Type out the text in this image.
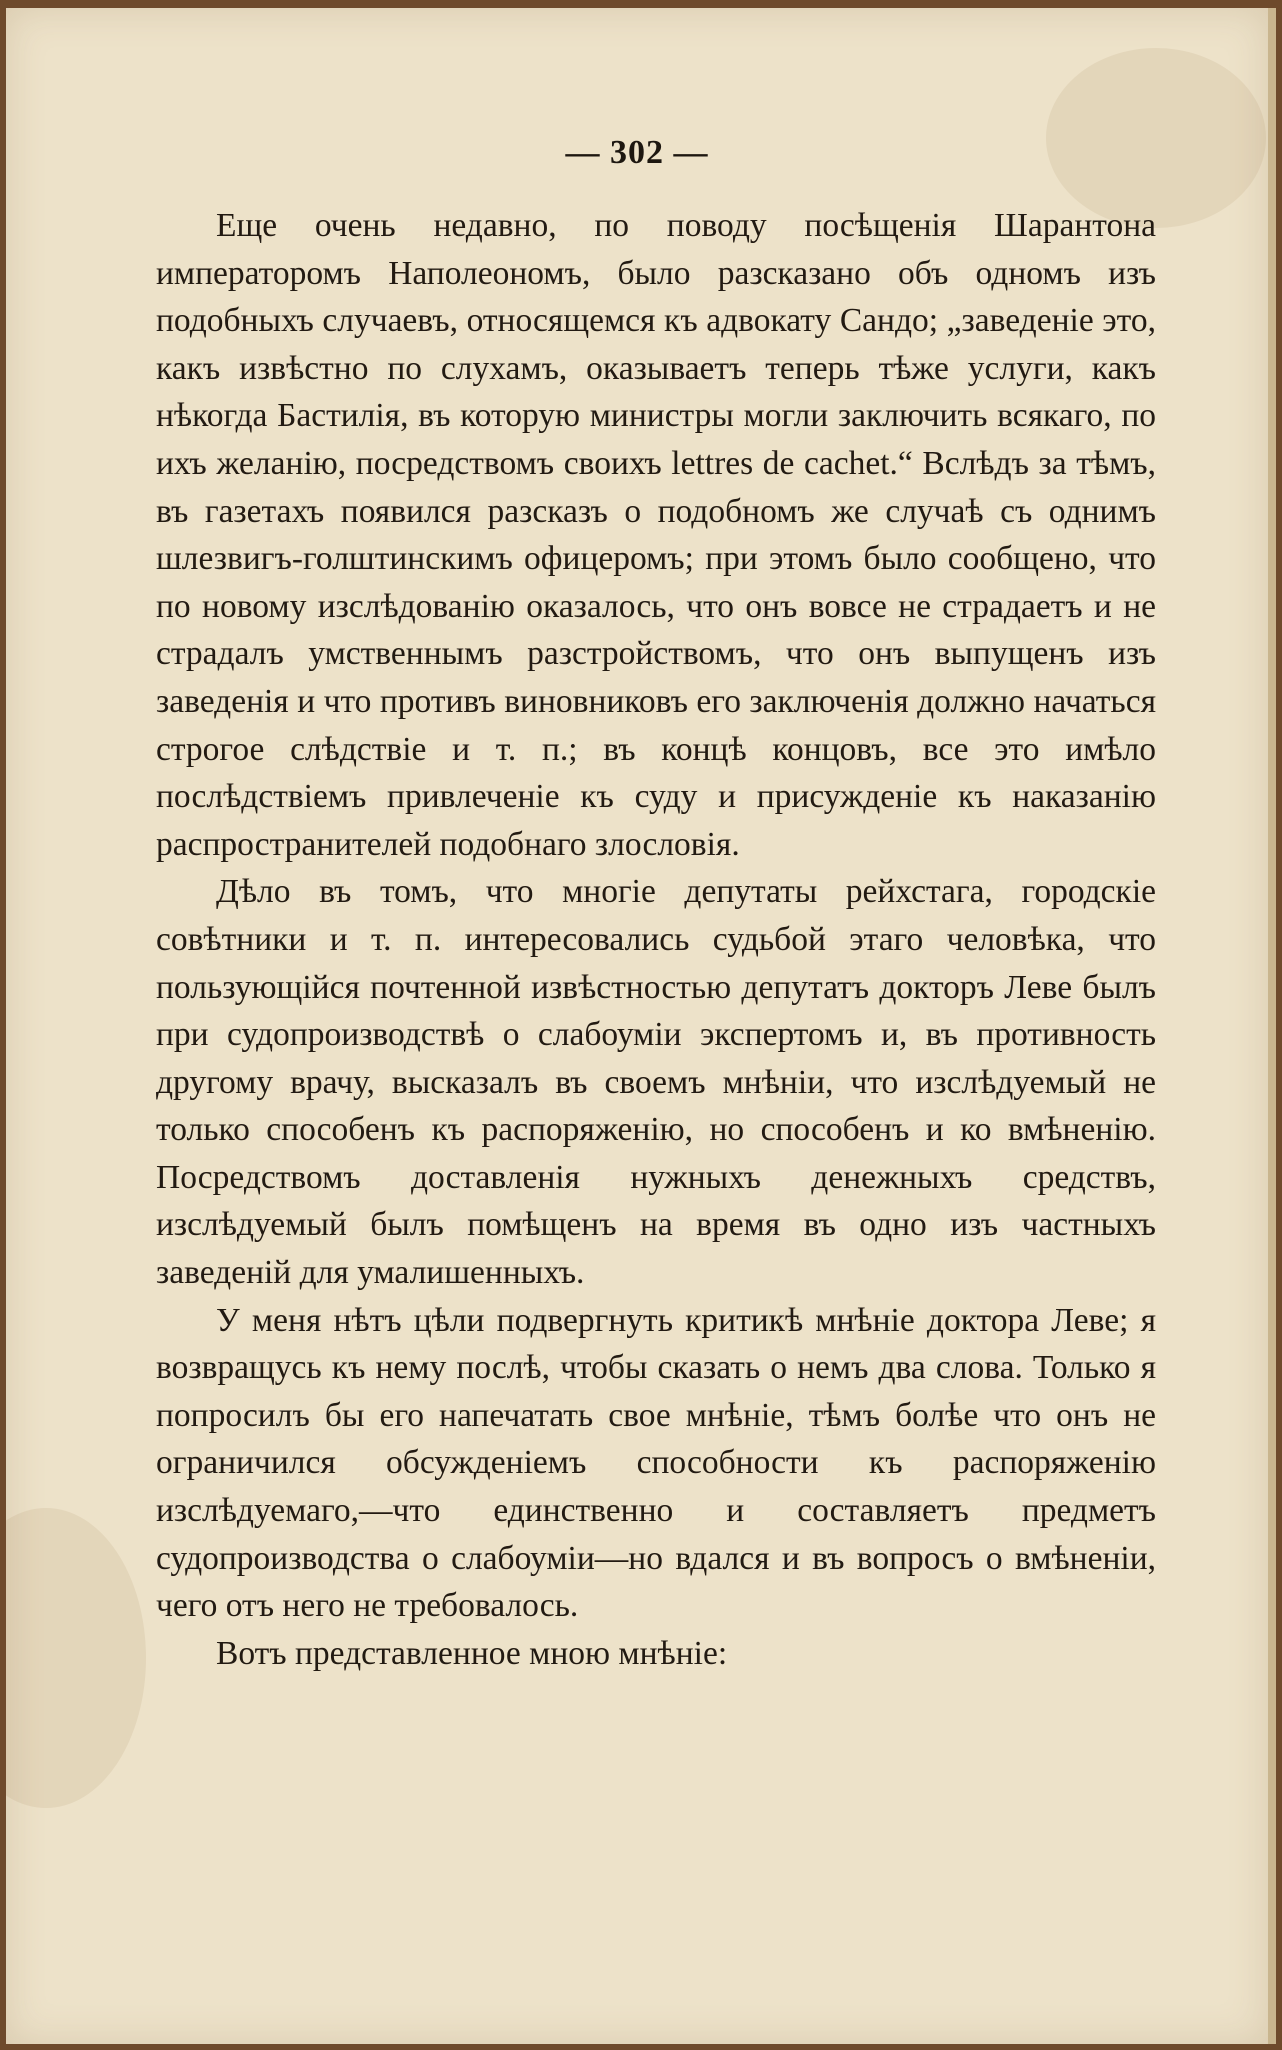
— 302 —

Еще очень недавно, по поводу посѣщенія Шарантона императоромъ Наполеономъ, было разсказано объ одномъ изъ подобныхъ случаевъ, относящемся къ адвокату Сандо; „заведеніе это, какъ извѣстно по слухамъ, оказываетъ теперь тѣже услуги, какъ нѣкогда Бастилія, въ которую министры могли заключить всякаго, по ихъ желанію, посредствомъ своихъ lettres de cachet.“ Вслѣдъ за тѣмъ, въ газетахъ появился разсказъ о подобномъ же случаѣ съ однимъ шлезвигъ-голштинскимъ офицеромъ; при этомъ было сообщено, что по новому изслѣдованію оказалось, что онъ вовсе не страдаетъ и не страдалъ умственнымъ разстройствомъ, что онъ выпущенъ изъ заведенія и что противъ виновниковъ его заключенія должно начаться строгое слѣдствіе и т. п.; въ концѣ концовъ, все это имѣло послѣдствіемъ привлеченіе къ суду и присужденіе къ наказанію распространителей подобнаго злословія.

Дѣло въ томъ, что многіе депутаты рейхстага, городскіе совѣтники и т. п. интересовались судьбой этаго человѣка, что пользующійся почтенной извѣстностью депутатъ докторъ Леве былъ при судопроизводствѣ о слабоуміи экспертомъ и, въ противность другому врачу, высказалъ въ своемъ мнѣніи, что изслѣдуемый не только способенъ къ распоряженію, но способенъ и ко вмѣненію. Посредствомъ доставленія нужныхъ денежныхъ средствъ, изслѣдуемый былъ помѣщенъ на время въ одно изъ частныхъ заведеній для умалишенныхъ.

У меня нѣтъ цѣли подвергнуть критикѣ мнѣніе доктора Леве; я возвращусь къ нему послѣ, чтобы сказать о немъ два слова. Только я попросилъ бы его напечатать свое мнѣніе, тѣмъ болѣе что онъ не ограничился обсужденіемъ способности къ распоряженію изслѣдуемаго,—что единственно и составляетъ предметъ судопроизводства о слабоуміи—но вдался и въ вопросъ о вмѣненіи, чего отъ него не требовалось.

Вотъ представленное мною мнѣніе:
